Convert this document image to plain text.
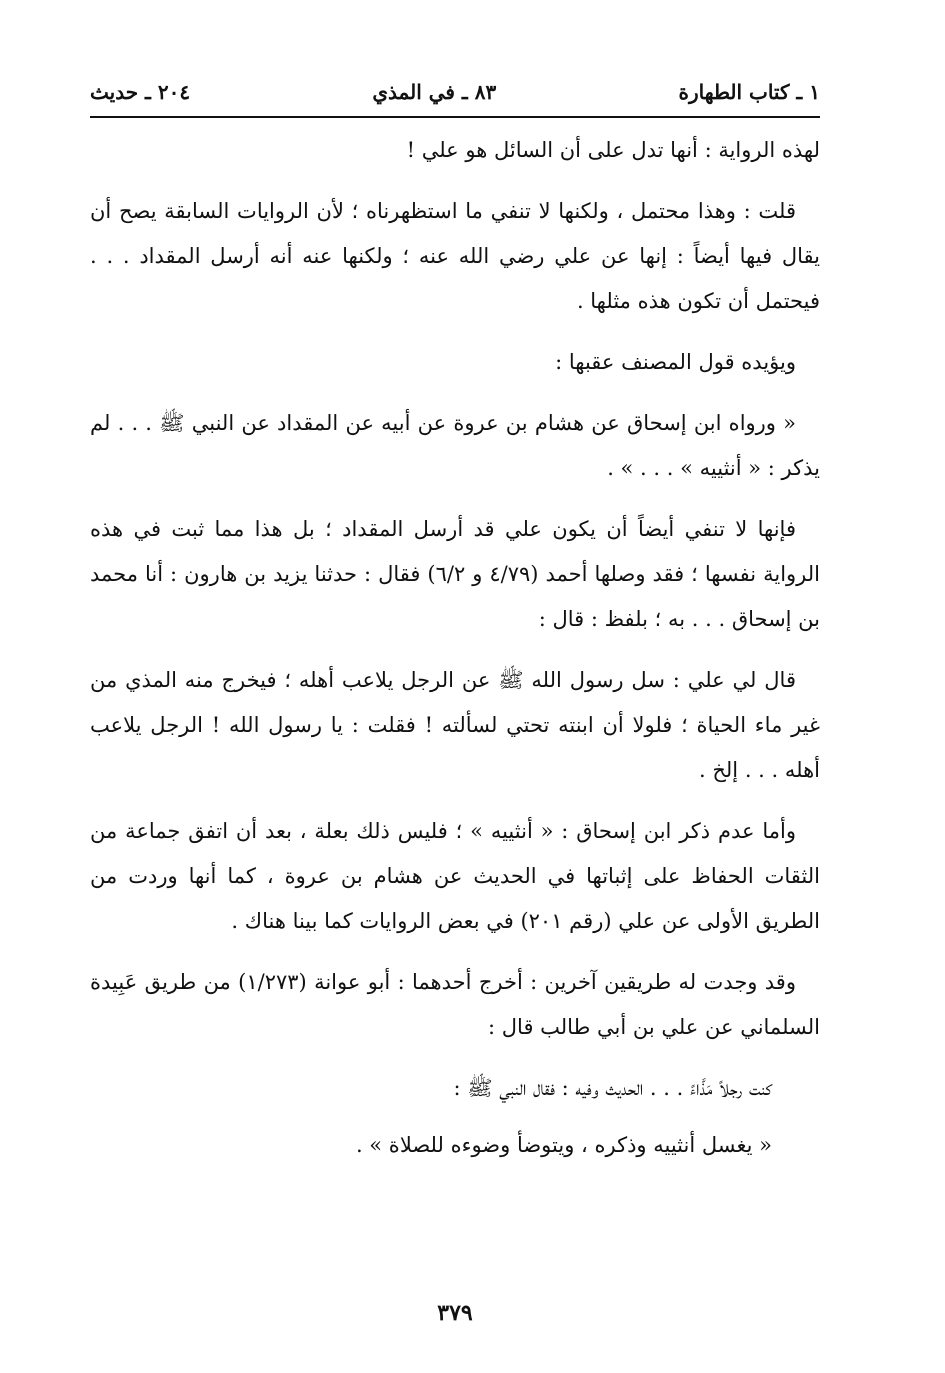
١ ـ كتاب الطهارة
٨٣ ـ في المذي
٢٠٤ ـ حديث

لهذه الرواية : أنها تدل على أن السائل هو علي !

قلت : وهذا محتمل ، ولكنها لا تنفي ما استظهرناه ؛ لأن الروايات السابقة يصح أن يقال فيها أيضاً : إنها عن علي رضي الله عنه ؛ ولكنها عنه أنه أرسل المقداد . . . فيحتمل أن تكون هذه مثلها .

ويؤيده قول المصنف عقبها :

« ورواه ابن إسحاق عن هشام بن عروة عن أبيه عن المقداد عن النبي ﷺ . . . لم يذكر : « أنثييه » . . . » .

فإنها لا تنفي أيضاً أن يكون علي قد أرسل المقداد ؛ بل هذا مما ثبت في هذه الرواية نفسها ؛ فقد وصلها أحمد (٤/٧٩ و ٦/٢) فقال : حدثنا يزيد بن هارون : أنا محمد بن إسحاق . . . به ؛ بلفظ : قال :

قال لي علي : سل رسول الله ﷺ عن الرجل يلاعب أهله ؛ فيخرج منه المذي من غير ماء الحياة ؛ فلولا أن ابنته تحتي لسألته ! فقلت : يا رسول الله ! الرجل يلاعب أهله . . . إلخ .

وأما عدم ذكر ابن إسحاق : « أنثييه » ؛ فليس ذلك بعلة ، بعد أن اتفق جماعة من الثقات الحفاظ على إثباتها في الحديث عن هشام بن عروة ، كما أنها وردت من الطريق الأولى عن علي (رقم ٢٠١) في بعض الروايات كما بينا هناك .

وقد وجدت له طريقين آخرين : أخرج أحدهما : أبو عوانة (١/٢٧٣) من طريق عَبِيدة السلماني عن علي بن أبي طالب قال :

كنت رجلاً مَذَّاءً . . . الحديث وفيه : فقال النبي ﷺ :

« يغسل أنثييه وذكره ، ويتوضأ وضوءه للصلاة » .

٣٧٩
